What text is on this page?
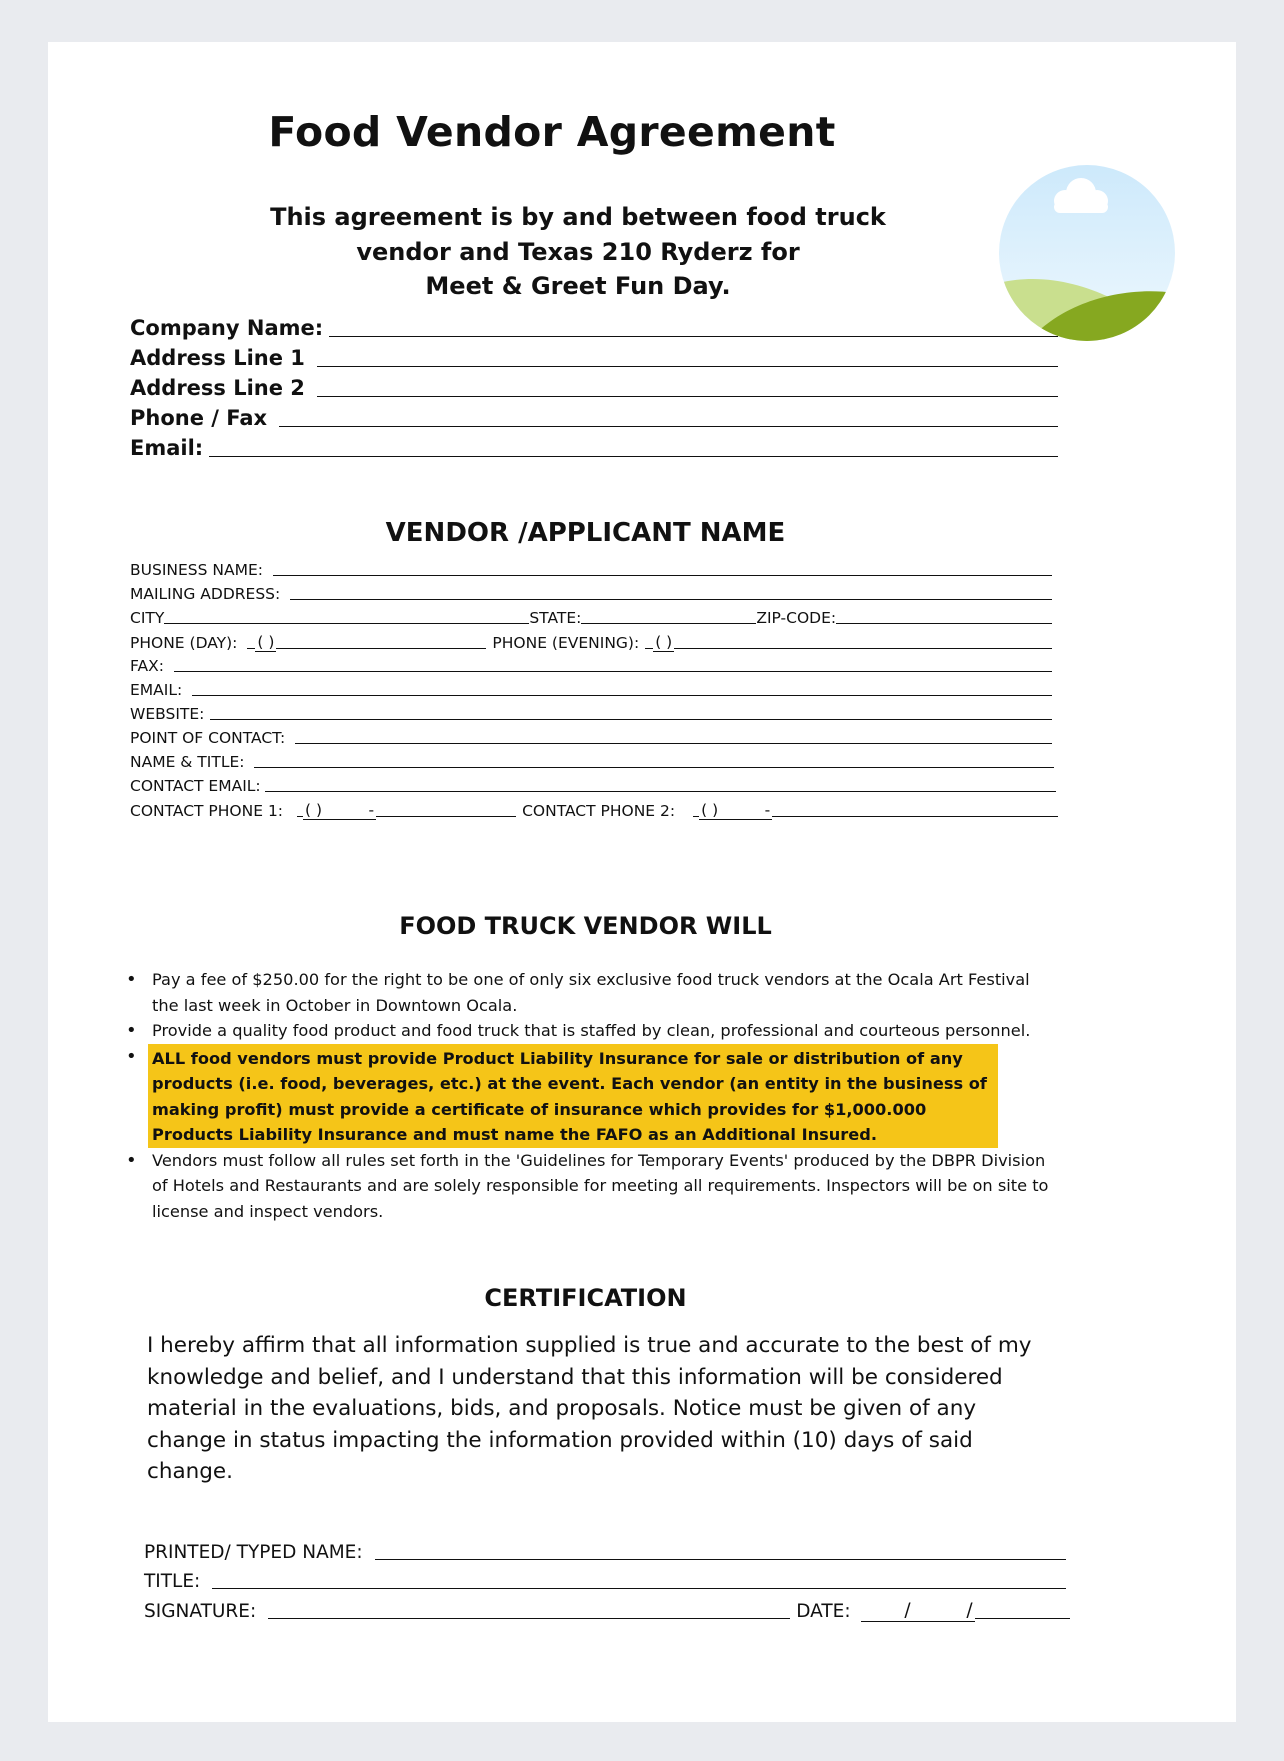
Food Vendor Agreement
This agreement is by and between food truck
vendor and Texas 210 Ryderz for
Meet & Greet Fun Day.
Company Name:
Address Line 1
Address Line 2
Phone / Fax
Email:
VENDOR /APPLICANT NAME
BUSINESS NAME:
MAILING ADDRESS:
CITY	STATE:	ZIP-CODE:
PHONE (DAY): ( )	PHONE (EVENING): ( )
FAX:
EMAIL:
WEBSITE:
POINT OF CONTACT:
NAME & TITLE:
CONTACT EMAIL:
CONTACT PHONE 1: ( )	-	CONTACT PHONE 2: ( )	-
FOOD TRUCK VENDOR WILL
• Pay a fee of $250.00 for the right to be one of only six exclusive food truck vendors at the Ocala Art Festival the last week in October in Downtown Ocala.
• Provide a quality food product and food truck that is staffed by clean, professional and courteous personnel.
• ALL food vendors must provide Product Liability Insurance for sale or distribution of any products (i.e. food, beverages, etc.) at the event. Each vendor (an entity in the business of making profit) must provide a certificate of insurance which provides for $1,000.000 Products Liability Insurance and must name the FAFO as an Additional Insured.
• Vendors must follow all rules set forth in the 'Guidelines for Temporary Events' produced by the DBPR Division of Hotels and Restaurants and are solely responsible for meeting all requirements. Inspectors will be on site to license and inspect vendors.
CERTIFICATION
I hereby affirm that all information supplied is true and accurate to the best of my knowledge and belief, and I understand that this information will be considered material in the evaluations, bids, and proposals. Notice must be given of any change in status impacting the information provided within (10) days of said change.
PRINTED/ TYPED NAME:
TITLE:
SIGNATURE:	DATE:	/	/
